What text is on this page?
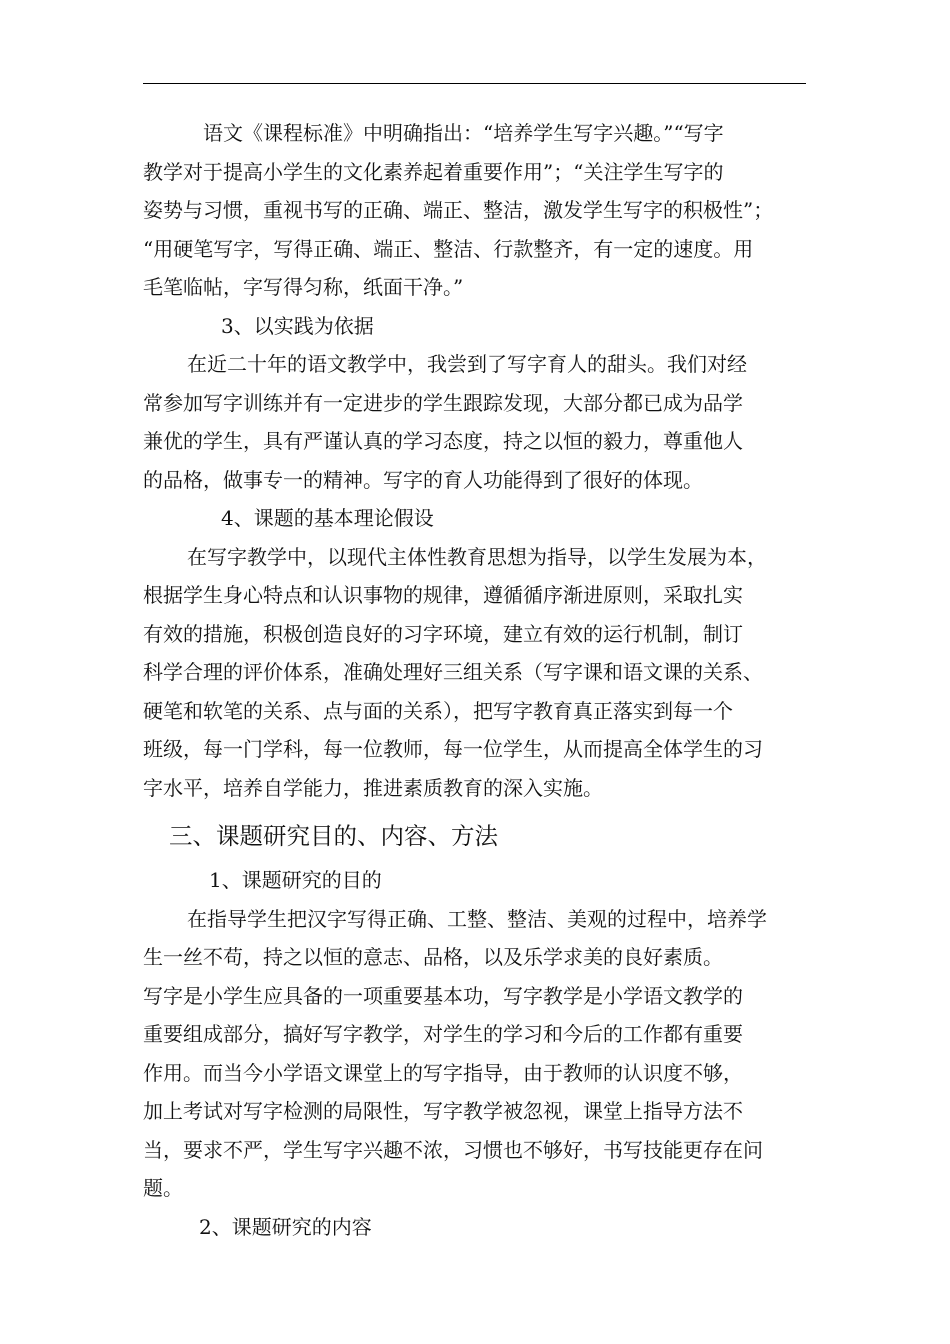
语文《课程标准》中明确指出：“培养学生写字兴趣。”“写字
教学对于提高小学生的文化素养起着重要作用”；“关注学生写字的
姿势与习惯，重视书写的正确、端正、整洁，激发学生写字的积极性”；
“用硬笔写字，写得正确、端正、整洁、行款整齐，有一定的速度。用
毛笔临帖，字写得匀称，纸面干净。”
3、以实践为依据
在近二十年的语文教学中，我尝到了写字育人的甜头。我们对经
常参加写字训练并有一定进步的学生跟踪发现，大部分都已成为品学
兼优的学生，具有严谨认真的学习态度，持之以恒的毅力，尊重他人
的品格，做事专一的精神。写字的育人功能得到了很好的体现。
4、课题的基本理论假设
在写字教学中，以现代主体性教育思想为指导，以学生发展为本，
根据学生身心特点和认识事物的规律，遵循循序渐进原则，采取扎实
有效的措施，积极创造良好的习字环境，建立有效的运行机制，制订
科学合理的评价体系，准确处理好三组关系（写字课和语文课的关系、
硬笔和软笔的关系、点与面的关系），把写字教育真正落实到每一个
班级，每一门学科，每一位教师，每一位学生，从而提高全体学生的习
字水平，培养自学能力，推进素质教育的深入实施。
三、课题研究目的、内容、方法
1、课题研究的目的
在指导学生把汉字写得正确、工整、整洁、美观的过程中，培养学
生一丝不苟，持之以恒的意志、品格，以及乐学求美的良好素质。
写字是小学生应具备的一项重要基本功，写字教学是小学语文教学的
重要组成部分，搞好写字教学，对学生的学习和今后的工作都有重要
作用。而当今小学语文课堂上的写字指导，由于教师的认识度不够，
加上考试对写字检测的局限性，写字教学被忽视，课堂上指导方法不
当，要求不严，学生写字兴趣不浓，习惯也不够好，书写技能更存在问
题。
2、课题研究的内容
